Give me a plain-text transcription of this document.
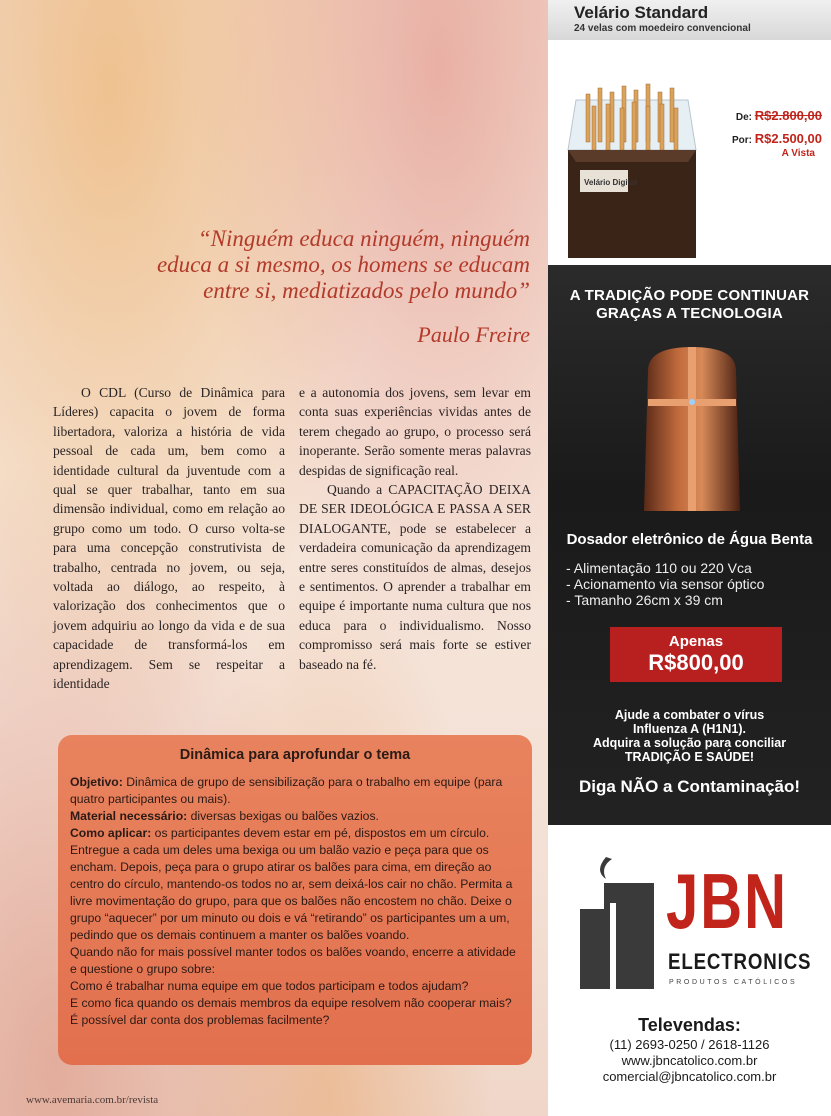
“Ninguém educa ninguém, ninguém
educa a si mesmo, os homens se educam
entre si, mediatizados pelo mundo”
Paulo Freire

O CDL (Curso de Dinâmica para Líderes) capacita o jovem de forma libertadora, valoriza a história de vida pessoal de cada um, bem como a identidade cultural da juventude com a qual se quer trabalhar, tanto em sua dimensão individual, como em relação ao grupo como um todo. O curso volta-se para uma concepção construtivista de trabalho, centrada no jovem, ou seja, voltada ao diálogo, ao respeito, à valorização dos conhecimentos que o jovem adquiriu ao longo da vida e de sua capacidade de transformá-los em aprendizagem. Sem se respeitar a identidade

e a autonomia dos jovens, sem levar em conta suas experiências vividas antes de terem chegado ao grupo, o processo será inoperante. Serão somente meras palavras despidas de significação real.

Quando a CAPACITAÇÃO DEIXA DE SER IDEOLÓGICA E PASSA A SER DIALOGANTE, pode se estabelecer a verdadeira comunicação da aprendizagem entre seres constituídos de almas, desejos e sentimentos. O aprender a trabalhar em equipe é importante numa cultura que nos educa para o individualismo. Nosso compromisso será mais forte se estiver baseado na fé.

Dinâmica para aprofundar o tema
Objetivo: Dinâmica de grupo de sensibilização para o trabalho em equipe (para quatro participantes ou mais).
Material necessário: diversas bexigas ou balões vazios.
Como aplicar: os participantes devem estar em pé, dispostos em um círculo. Entregue a cada um deles uma bexiga ou um balão vazio e peça para que os encham. Depois, peça para o grupo atirar os balões para cima, em direção ao centro do círculo, mantendo-os todos no ar, sem deixá-los cair no chão. Permita a livre movimentação do grupo, para que os balões não encostem no chão. Deixe o grupo “aquecer” por um minuto ou dois e vá “retirando” os participantes um a um, pedindo que os demais continuem a manter os balões voando.
Quando não for mais possível manter todos os balões voando, encerre a atividade e questione o grupo sobre:
Como é trabalhar numa equipe em que todos participam e todos ajudam?
E como fica quando os demais membros da equipe resolvem não cooperar mais?
É possível dar conta dos problemas facilmente?
www.avemaria.com.br/revista
Velário Standard
24 velas com moedeiro convencional
Velário Digital
De: R$2.800,00
Por: R$2.500,00
A Vista
A TRADIÇÃO PODE CONTINUAR GRAÇAS A TECNOLOGIA
Dosador eletrônico de Água Benta
- Alimentação 110 ou 220 Vca
- Acionamento via sensor óptico
- Tamanho 26cm x 39 cm
Apenas
R$800,00
Ajude a combater o vírus
Influenza A (H1N1).
Adquira a solução para conciliar
TRADIÇÃO E SAÚDE!
Diga NÃO a Contaminação!
JBN
ELECTRONICS
PRODUTOS CATÓLICOS
Televendas:
(11) 2693-0250 / 2618-1126
www.jbncatolico.com.br
comercial@jbncatolico.com.br
